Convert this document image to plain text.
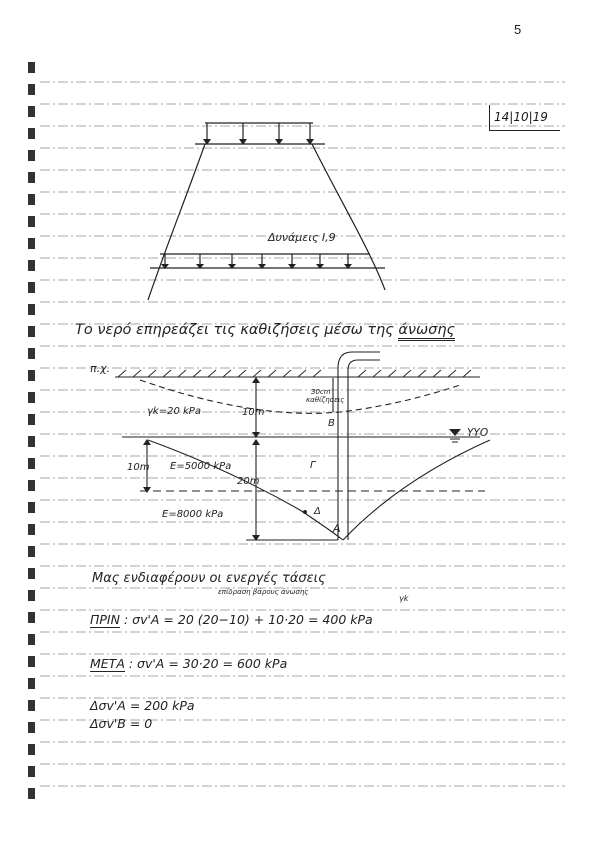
5
14|10|19
Δυνάμεις Ι,9
Το νερό επηρεάζει τις καθιζήσεις μέσω της άνωσης
π.χ.
30cm
καθίζησεις
γk=20 kPa	10m
B
ΥΥΟ
10m E=5000 kPa	Γ
20m
E=8000 kPa	Δ
A
Μας ενδιαφέρουν οι ενεργές τάσεις
επίδραση βάρους άνωσης
γk
ΠΡΙΝ : σv'Α = 20 (20−10) + 10·20 = 400 kPa
ΜΕΤΑ : σv'Α = 30·20 = 600 kPa
Δσv'Α = 200 kPa
Δσv'Β = 0
